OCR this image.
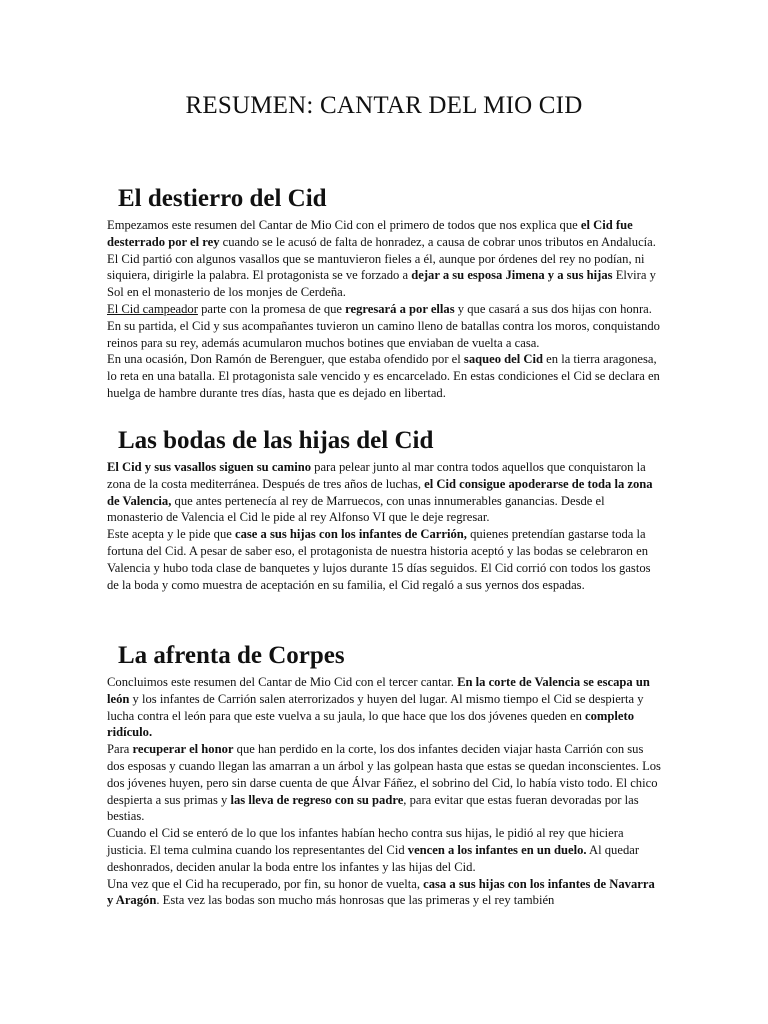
RESUMEN: CANTAR DEL MIO CID
El destierro del Cid

Empezamos este resumen del Cantar de Mio Cid con el primero de todos que nos explica que el Cid fue desterrado por el rey cuando se le acusó de falta de honradez, a causa de cobrar unos tributos en Andalucía. El Cid partió con algunos vasallos que se mantuvieron fieles a él, aunque por órdenes del rey no podían, ni siquiera, dirigirle la palabra. El protagonista se ve forzado a dejar a su esposa Jimena y a sus hijas Elvira y Sol en el monasterio de los monjes de Cerdeña.

El Cid campeador parte con la promesa de que regresará a por ellas y que casará a sus dos hijas con honra. En su partida, el Cid y sus acompañantes tuvieron un camino lleno de batallas contra los moros, conquistando reinos para su rey, además acumularon muchos botines que enviaban de vuelta a casa.

En una ocasión, Don Ramón de Berenguer, que estaba ofendido por el saqueo del Cid en la tierra aragonesa, lo reta en una batalla. El protagonista sale vencido y es encarcelado. En estas condiciones el Cid se declara en huelga de hambre durante tres días, hasta que es dejado en libertad.

Las bodas de las hijas del Cid

El Cid y sus vasallos siguen su camino para pelear junto al mar contra todos aquellos que conquistaron la zona de la costa mediterránea. Después de tres años de luchas, el Cid consigue apoderarse de toda la zona de Valencia, que antes pertenecía al rey de Marruecos, con unas innumerables ganancias. Desde el monasterio de Valencia el Cid le pide al rey Alfonso VI que le deje regresar.

Este acepta y le pide que case a sus hijas con los infantes de Carrión, quienes pretendían gastarse toda la fortuna del Cid. A pesar de saber eso, el protagonista de nuestra historia aceptó y las bodas se celebraron en Valencia y hubo toda clase de banquetes y lujos durante 15 días seguidos. El Cid corrió con todos los gastos de la boda y como muestra de aceptación en su familia, el Cid regaló a sus yernos dos espadas.

La afrenta de Corpes

Concluimos este resumen del Cantar de Mio Cid con el tercer cantar. En la corte de Valencia se escapa un león y los infantes de Carrión salen aterrorizados y huyen del lugar. Al mismo tiempo el Cid se despierta y lucha contra el león para que este vuelva a su jaula, lo que hace que los dos jóvenes queden en completo ridículo.

Para recuperar el honor que han perdido en la corte, los dos infantes deciden viajar hasta Carrión con sus dos esposas y cuando llegan las amarran a un árbol y las golpean hasta que estas se quedan inconscientes. Los dos jóvenes huyen, pero sin darse cuenta de que Álvar Fáñez, el sobrino del Cid, lo había visto todo. El chico despierta a sus primas y las lleva de regreso con su padre, para evitar que estas fueran devoradas por las bestias.

Cuando el Cid se enteró de lo que los infantes habían hecho contra sus hijas, le pidió al rey que hiciera justicia. El tema culmina cuando los representantes del Cid vencen a los infantes en un duelo. Al quedar deshonrados, deciden anular la boda entre los infantes y las hijas del Cid.

Una vez que el Cid ha recuperado, por fin, su honor de vuelta, casa a sus hijas con los infantes de Navarra y Aragón. Esta vez las bodas son mucho más honrosas que las primeras y el rey también
